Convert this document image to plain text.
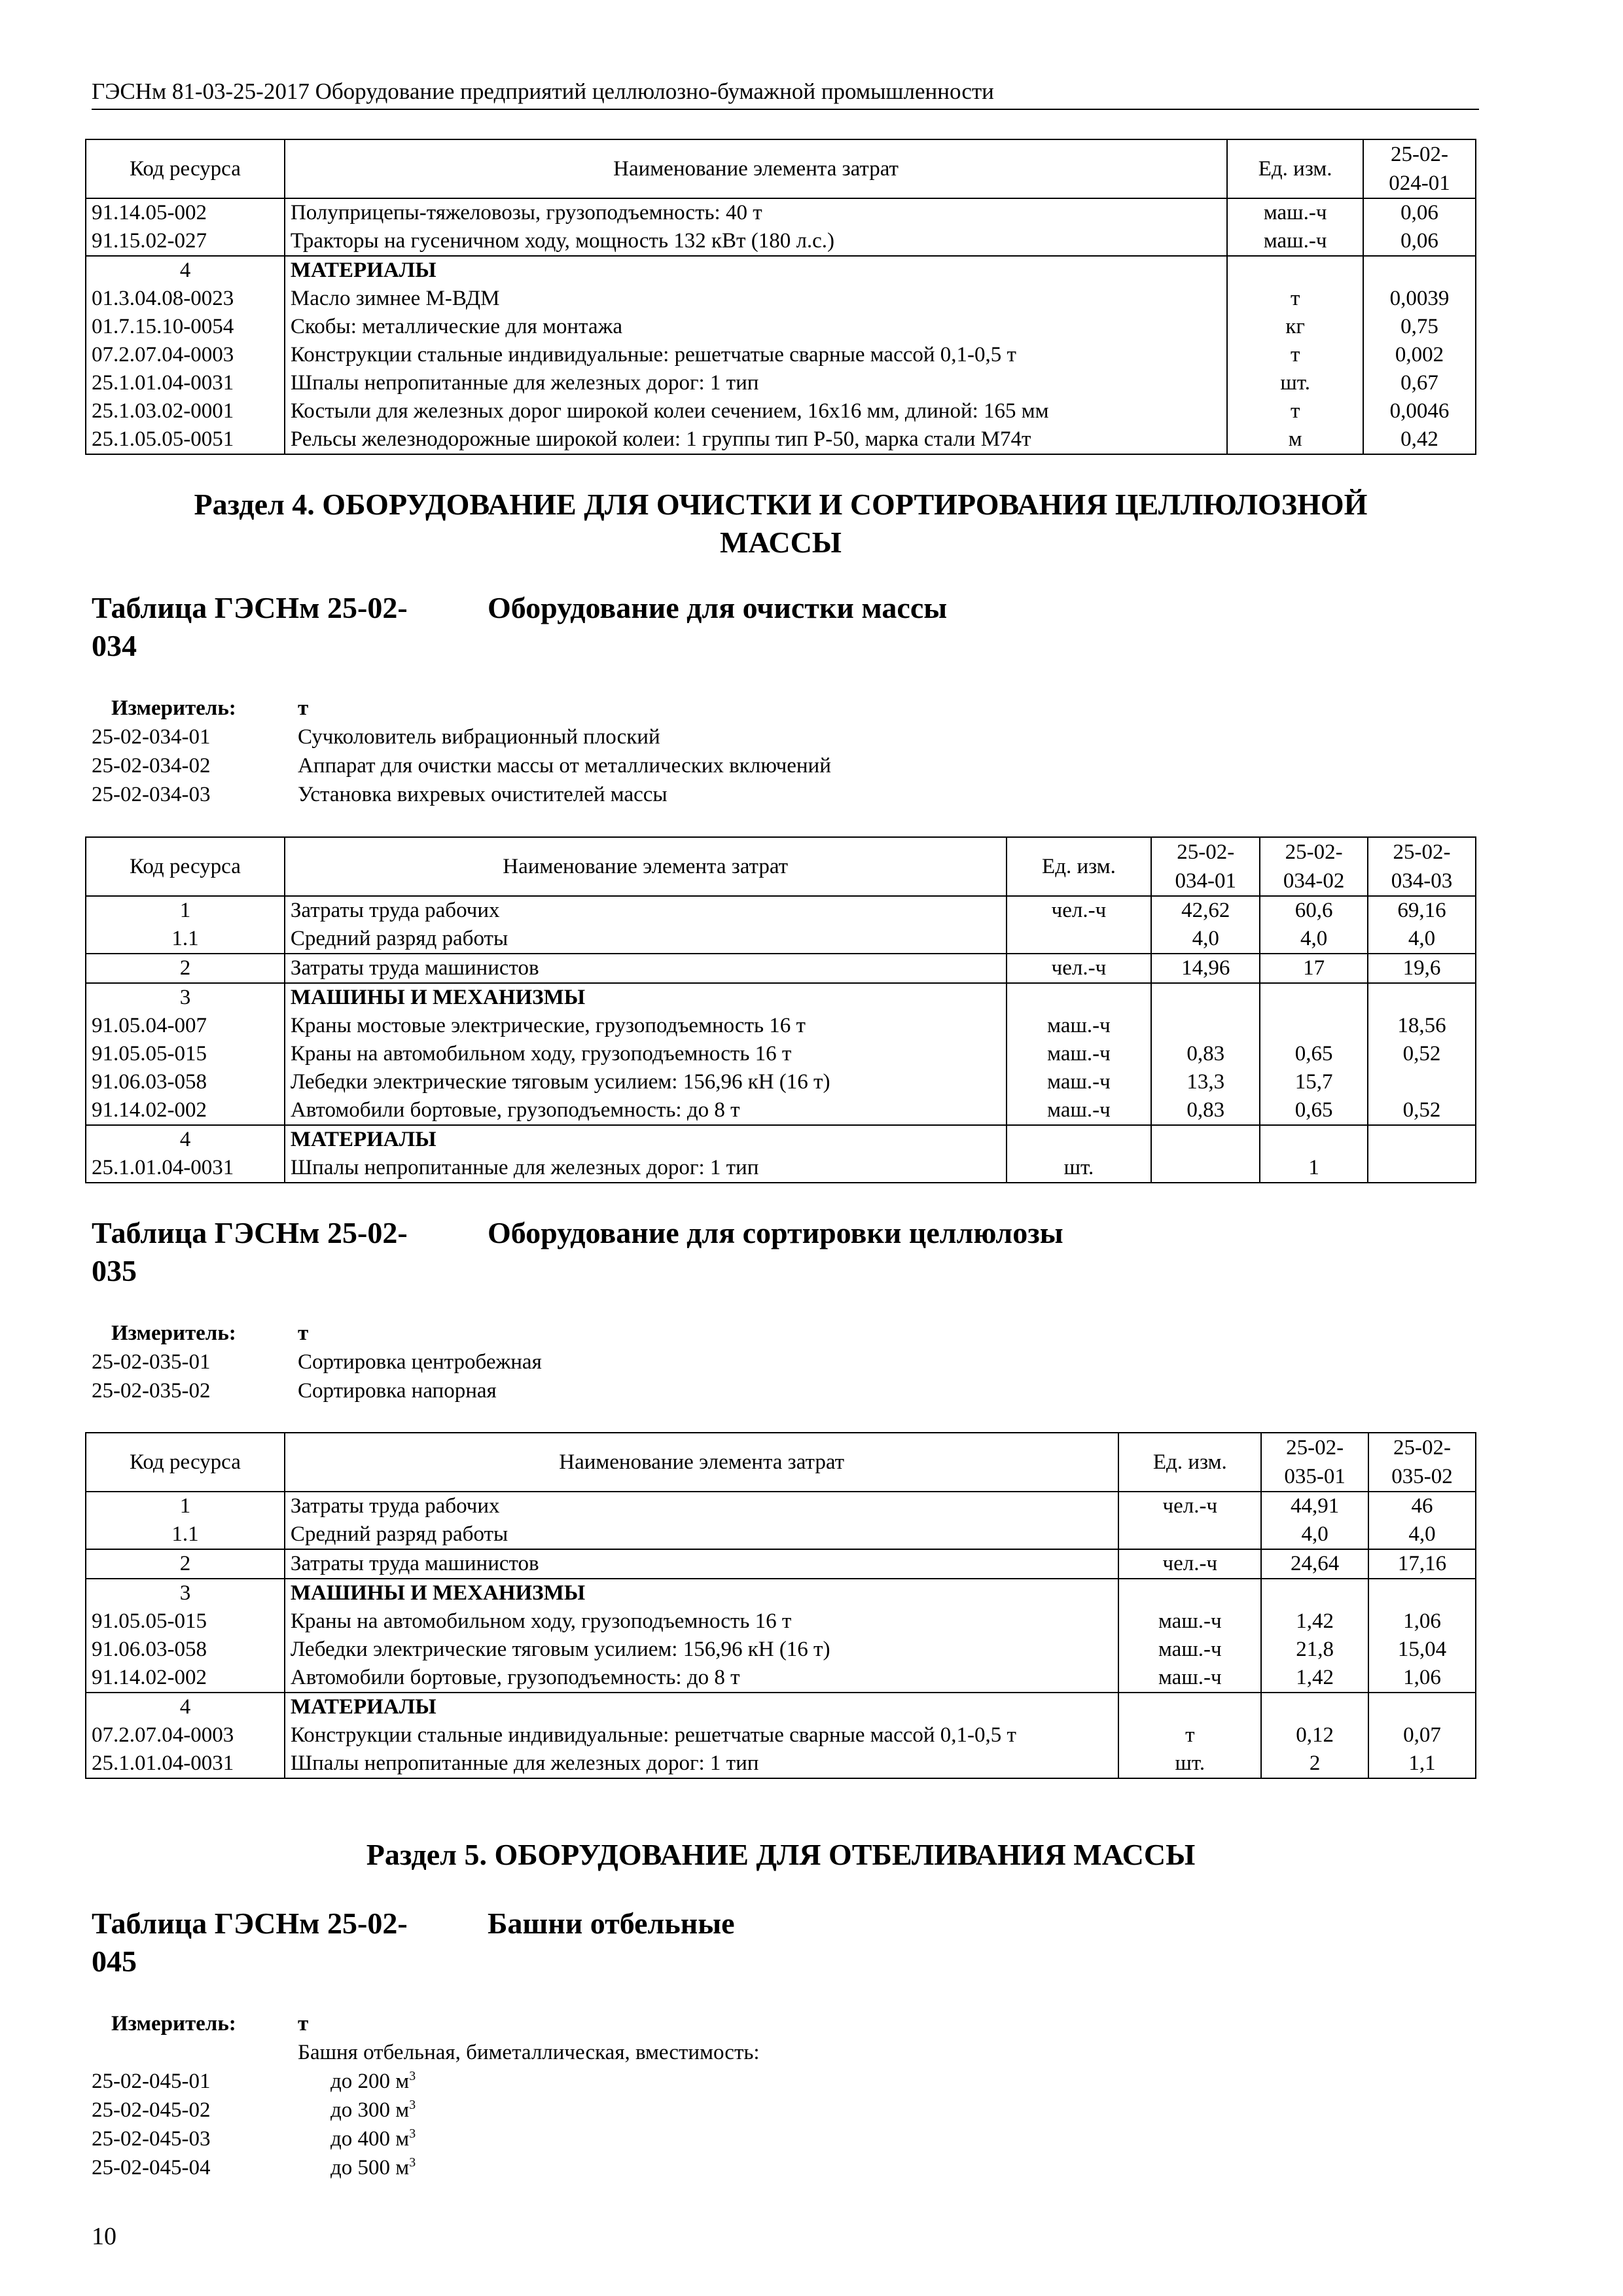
ГЭСНм 81-03-25-2017 Оборудование предприятий целлюлозно-бумажной промышленности
Код ресурса	Наименование элемента затрат	Ед. изм.	25-02-
024-01
91.14.05-002	Полуприцепы-тяжеловозы, грузоподъемность: 40 т	маш.-ч	0,06
91.15.02-027	Тракторы на гусеничном ходу, мощность 132 кВт (180 л.с.)	маш.-ч	0,06
4	МАТЕРИАЛЫ		
01.3.04.08-0023	Масло зимнее М-ВДМ	т	0,0039
01.7.15.10-0054	Скобы: металлические для монтажа	кг	0,75
07.2.07.04-0003	Конструкции стальные индивидуальные: решетчатые сварные массой 0,1-0,5 т	т	0,002
25.1.01.04-0031	Шпалы непропитанные для железных дорог: 1 тип	шт.	0,67
25.1.03.02-0001	Костыли для железных дорог широкой колеи сечением, 16х16 мм, длиной: 165 мм	т	0,0046
25.1.05.05-0051	Рельсы железнодорожные широкой колеи: 1 группы тип Р-50, марка стали М74т	м	0,42
Раздел 4. ОБОРУДОВАНИЕ ДЛЯ ОЧИСТКИ И СОРТИРОВАНИЯ ЦЕЛЛЮЛОЗНОЙ
МАССЫ
Таблица ГЭСНм 25-02-
034
Оборудование для очистки массы
Измеритель:	т
25-02-034-01	Сучколовитель вибрационный плоский
25-02-034-02	Аппарат для очистки массы от металлических включений
25-02-034-03	Установка вихревых очистителей массы
Код ресурса	Наименование элемента затрат	Ед. изм.	25-02-
034-01	25-02-
034-02	25-02-
034-03
1	Затраты труда рабочих	чел.-ч	42,62	60,6	69,16
1.1	Средний разряд работы		4,0	4,0	4,0
2	Затраты труда машинистов	чел.-ч	14,96	17	19,6
3	МАШИНЫ И МЕХАНИЗМЫ				
91.05.04-007	Краны мостовые электрические, грузоподъемность 16 т	маш.-ч			18,56
91.05.05-015	Краны на автомобильном ходу, грузоподъемность 16 т	маш.-ч	0,83	0,65	0,52
91.06.03-058	Лебедки электрические тяговым усилием: 156,96 кН (16 т)	маш.-ч	13,3	15,7	
91.14.02-002	Автомобили бортовые, грузоподъемность: до 8 т	маш.-ч	0,83	0,65	0,52
4	МАТЕРИАЛЫ				
25.1.01.04-0031	Шпалы непропитанные для железных дорог: 1 тип	шт.		1	
Таблица ГЭСНм 25-02-
035
Оборудование для сортировки целлюлозы
Измеритель:	т
25-02-035-01	Сортировка центробежная
25-02-035-02	Сортировка напорная
Код ресурса	Наименование элемента затрат	Ед. изм.	25-02-
035-01	25-02-
035-02
1	Затраты труда рабочих	чел.-ч	44,91	46
1.1	Средний разряд работы		4,0	4,0
2	Затраты труда машинистов	чел.-ч	24,64	17,16
3	МАШИНЫ И МЕХАНИЗМЫ			
91.05.05-015	Краны на автомобильном ходу, грузоподъемность 16 т	маш.-ч	1,42	1,06
91.06.03-058	Лебедки электрические тяговым усилием: 156,96 кН (16 т)	маш.-ч	21,8	15,04
91.14.02-002	Автомобили бортовые, грузоподъемность: до 8 т	маш.-ч	1,42	1,06
4	МАТЕРИАЛЫ			
07.2.07.04-0003	Конструкции стальные индивидуальные: решетчатые сварные массой 0,1-0,5 т	т	0,12	0,07
25.1.01.04-0031	Шпалы непропитанные для железных дорог: 1 тип	шт.	2	1,1
Раздел 5. ОБОРУДОВАНИЕ ДЛЯ ОТБЕЛИВАНИЯ МАССЫ
Таблица ГЭСНм 25-02-
045
Башни отбельные
Измеритель:	т
Башня отбельная, биметаллическая, вместимость:
25-02-045-01	до 200 $м^3$
25-02-045-02	до 300 $м^3$
25-02-045-03	до 400 $м^3$
25-02-045-04	до 500 $м^3$
10
